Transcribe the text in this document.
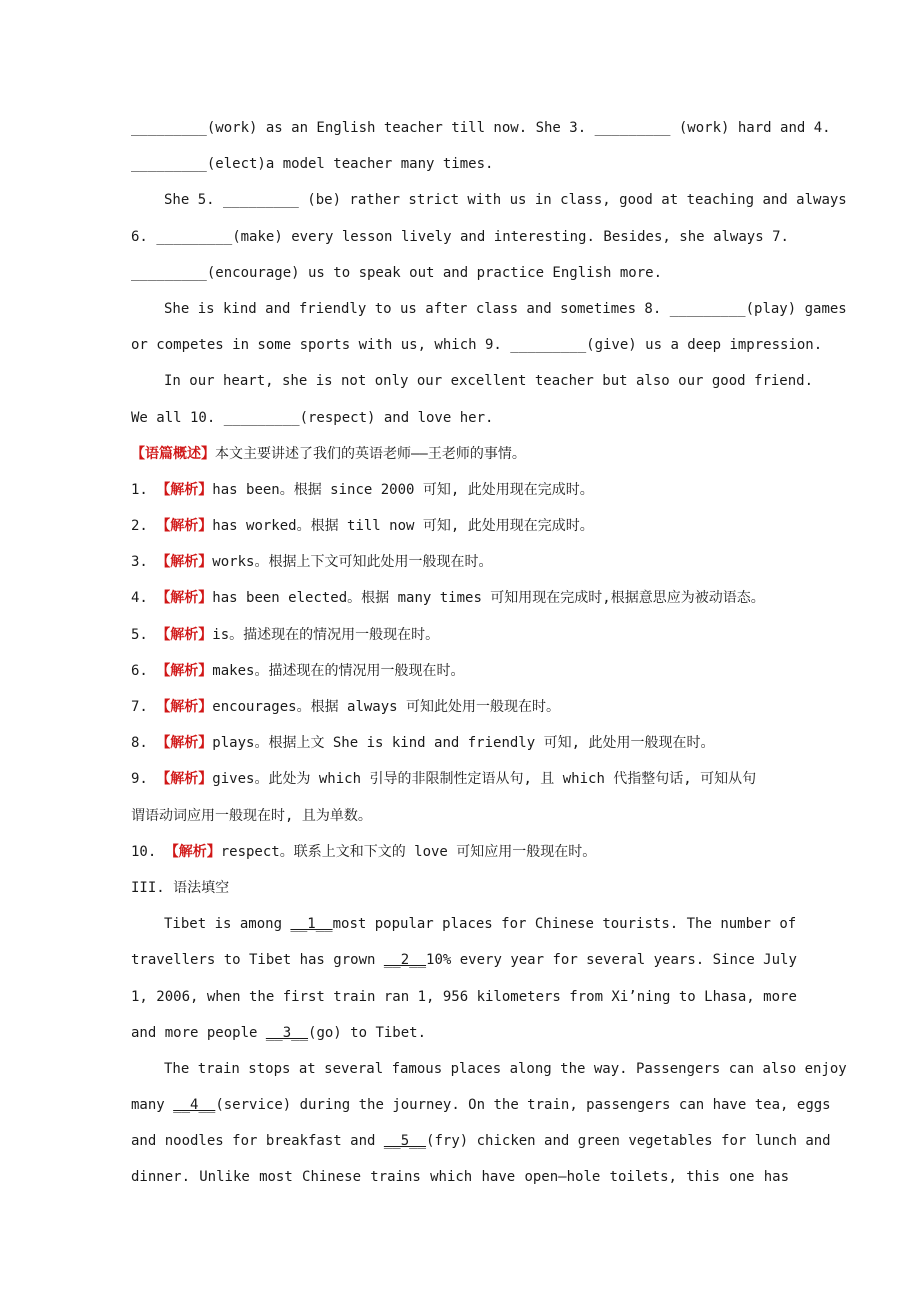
_________(work) as an English teacher till now. She 3. _________ (work) hard and 4.
_________(elect)a model teacher many times.
She 5. _________ (be) rather strict with us in class, good at teaching and always
6. _________(make) every lesson lively and interesting. Besides, she always 7.
_________(encourage) us to speak out and practice English more.
She is kind and friendly to us after class and sometimes 8. _________(play) games
or competes in some sports with us, which 9. _________(give) us a deep impression.
In our heart, she is not only our excellent teacher but also our good friend.
We all 10. _________(respect) and love her.
【语篇概述】本文主要讲述了我们的英语老师——王老师的事情。
1. 【解析】has been。根据 since 2000 可知, 此处用现在完成时。
2. 【解析】has worked。根据 till now 可知, 此处用现在完成时。
3. 【解析】works。根据上下文可知此处用一般现在时。
4. 【解析】has been elected。根据 many times 可知用现在完成时,根据意思应为被动语态。
5. 【解析】is。描述现在的情况用一般现在时。
6. 【解析】makes。描述现在的情况用一般现在时。
7. 【解析】encourages。根据 always 可知此处用一般现在时。
8. 【解析】plays。根据上文 She is kind and friendly 可知, 此处用一般现在时。
9. 【解析】gives。此处为 which 引导的非限制性定语从句, 且 which 代指整句话, 可知从句
谓语动词应用一般现在时, 且为单数。
10. 【解析】respect。联系上文和下文的 love 可知应用一般现在时。
III. 语法填空
Tibet is among __1__most popular places for Chinese tourists. The number of
travellers to Tibet has grown __2__10% every year for several years. Since July
1, 2006, when the first train ran 1, 956 kilometers from Xi’ning to Lhasa, more
and more people __3__(go) to Tibet.
The train stops at several famous places along the way. Passengers can also enjoy
many __4__(service) during the journey. On the train, passengers can have tea, eggs
and noodles for breakfast and __5__(fry) chicken and green vegetables for lunch and
dinner. Unlike most Chinese trains which have open—hole toilets, this one has
